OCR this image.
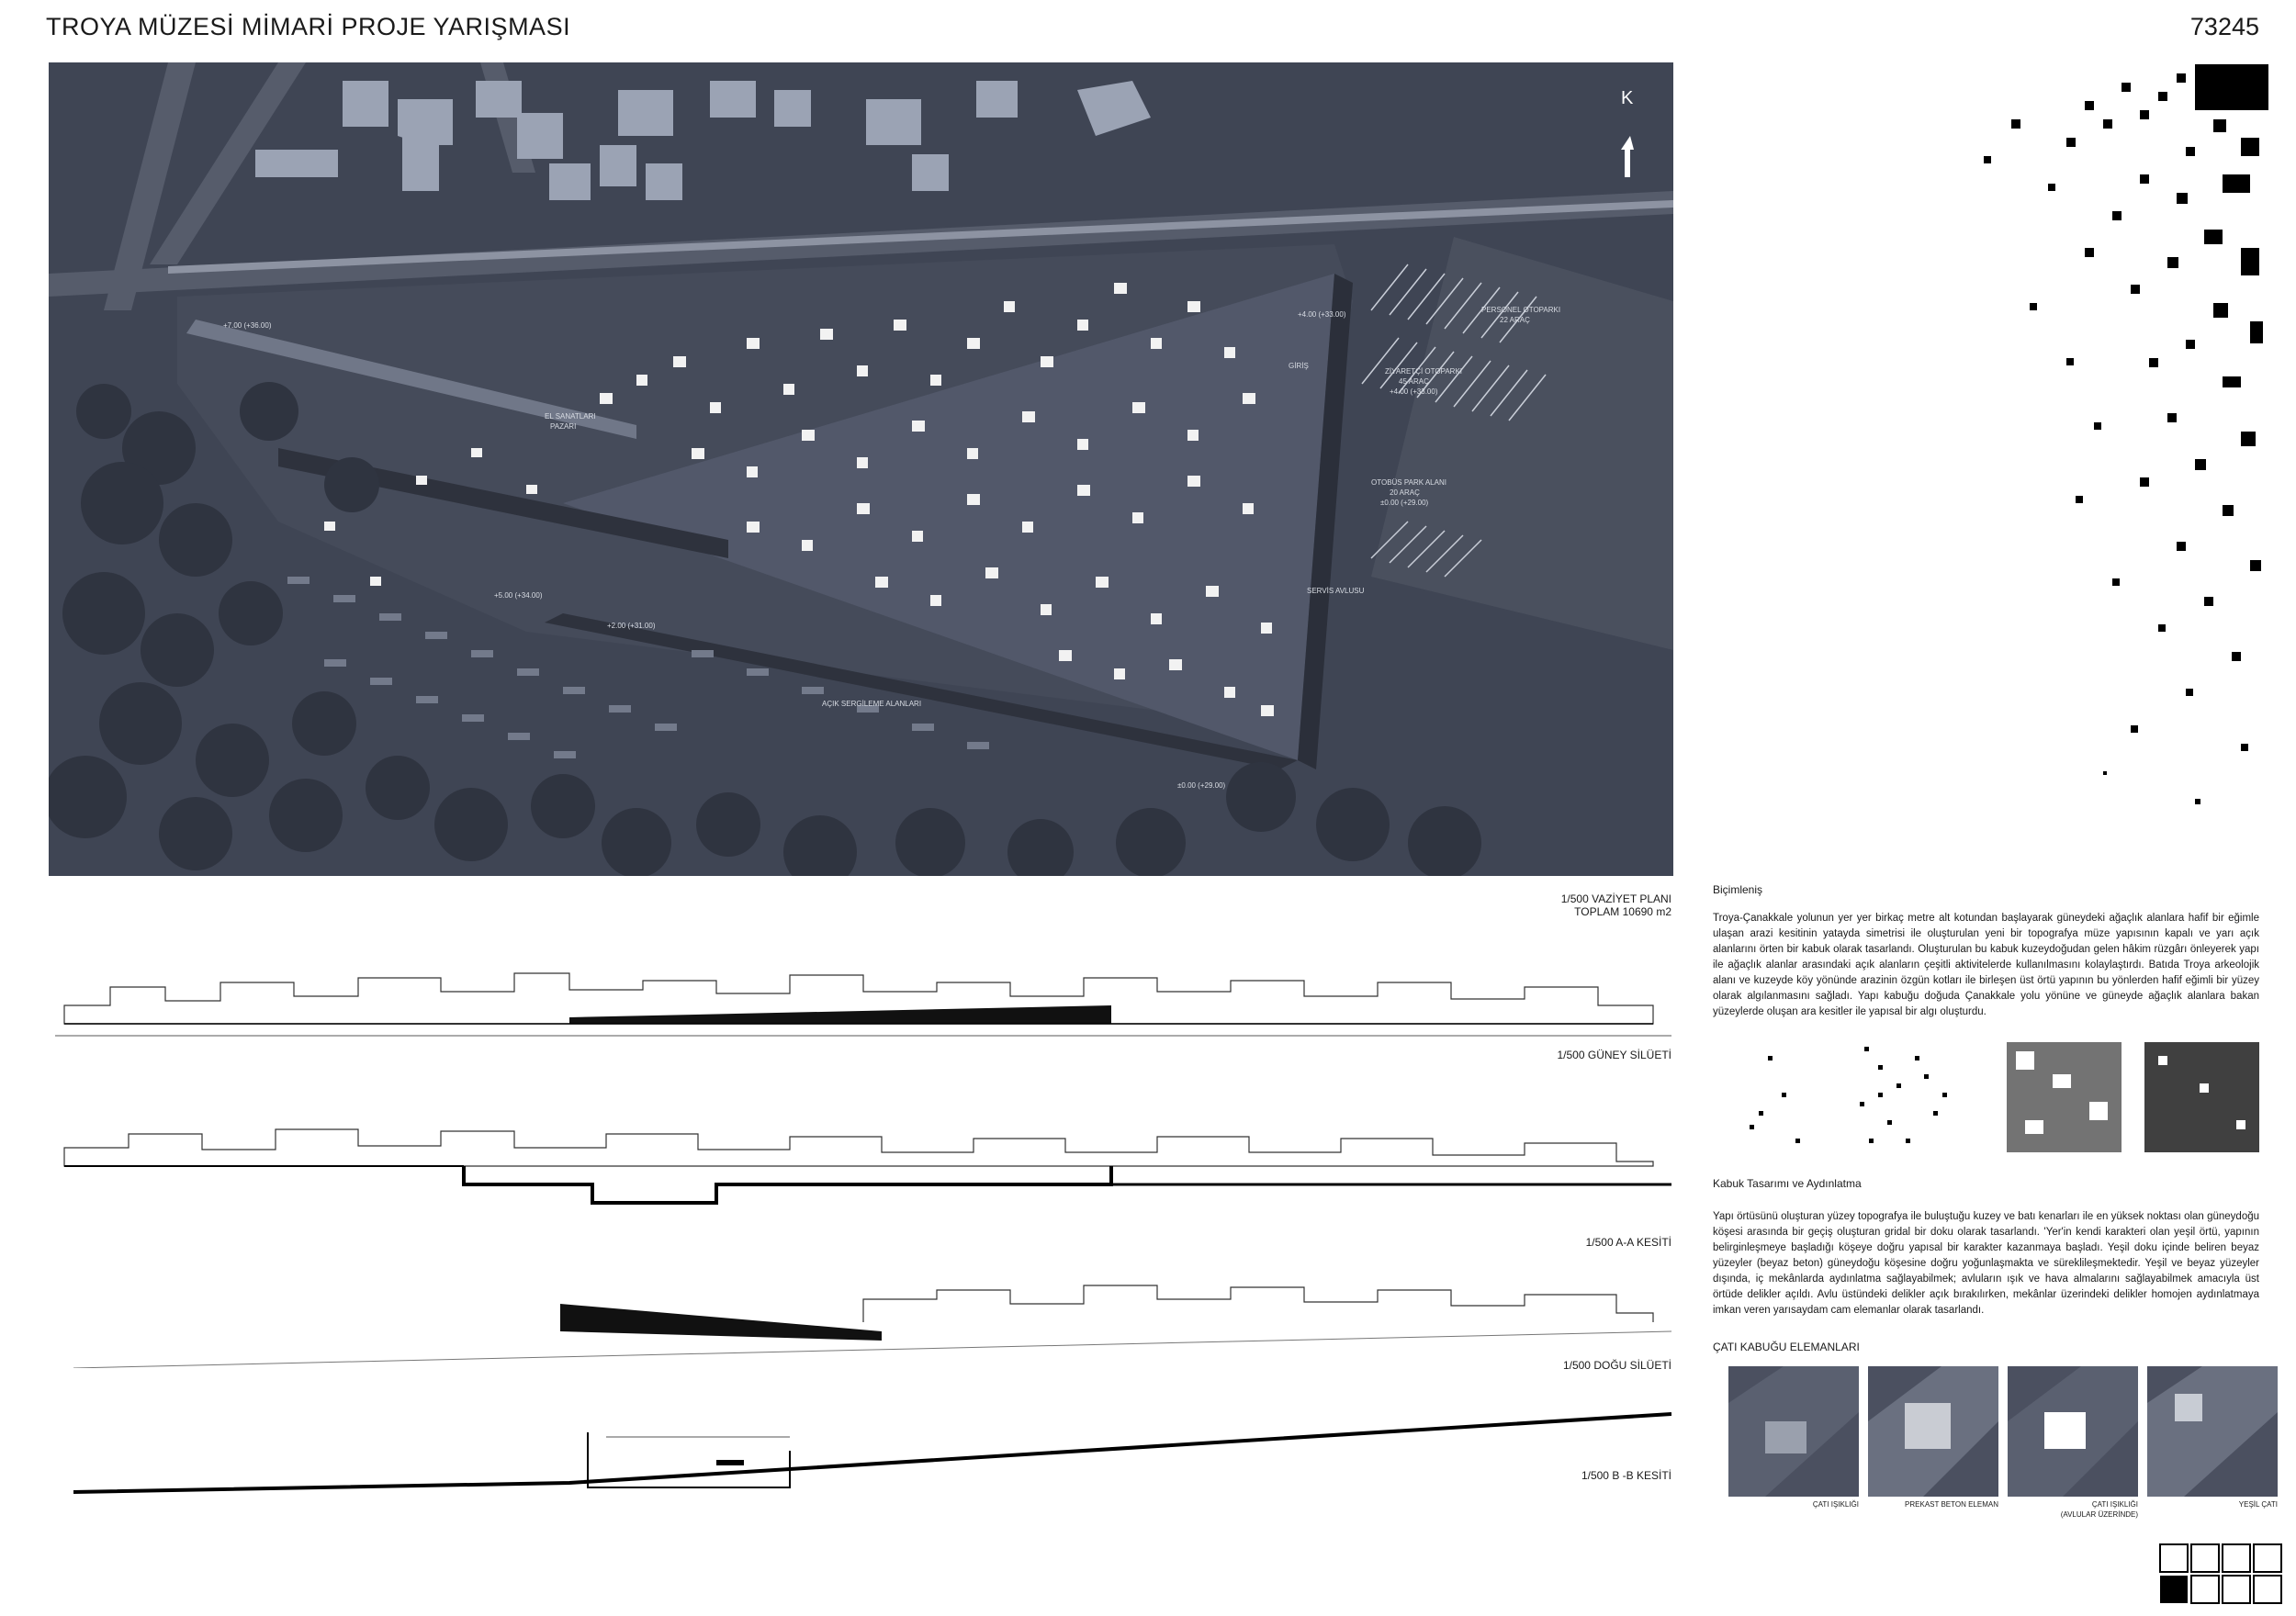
TROYA MÜZESİ MİMARİ PROJE YARIŞMASI	73245
K
+7.00 (+36.00)
+4.00 (+33.00)
GİRİŞ
EL SANATLARI
PAZARI
PERSONEL OTOPARKI
22 ARAÇ
ZİYARETÇİ OTOPARKI
45 ARAÇ
+4.00 (+33.00)
OTOBÜS PARK ALANI
20 ARAÇ
±0.00 (+29.00)
SERVİS AVLUSU
+5.00 (+34.00)
+2.00 (+31.00)
AÇIK SERGİLEME ALANLARI
±0.00 (+29.00)
1/500 VAZİYET PLANI
TOPLAM 10690 m2
1/500 GÜNEY SİLÜETİ
1/500 A-A KESİTİ
1/500 DOĞU SİLÜETİ
1/500 B -B KESİTİ
Biçimleniş
Troya-Çanakkale yolunun yer yer birkaç metre alt kotundan başlayarak güneydeki ağaçlık alanlara hafif bir eğimle ulaşan arazi kesitinin yatayda simetrisi ile oluşturulan yeni bir topografya müze yapısının kapalı ve yarı açık alanlarını örten bir kabuk olarak tasarlandı. Oluşturulan bu kabuk kuzeydoğudan gelen hâkim rüzgârı önleyerek yapı ile ağaçlık alanlar arasındaki açık alanların çeşitli aktivitelerde kullanılmasını kolaylaştırdı. Batıda Troya arkeolojik alanı ve kuzeyde köy yönünde arazinin özgün kotları ile birleşen üst örtü yapının bu yönlerden hafif eğimli bir yüzey olarak algılanmasını sağladı. Yapı kabuğu doğuda Çanakkale yolu yönüne ve güneyde ağaçlık alanlara bakan yüzeylerde oluşan ara kesitler ile yapısal bir algı oluşturdu.
Kabuk Tasarımı ve Aydınlatma
Yapı örtüsünü oluşturan yüzey topografya ile buluştuğu kuzey ve batı kenarları ile en yüksek noktası olan güneydoğu köşesi arasında bir geçiş oluşturan gridal bir doku olarak tasarlandı. 'Yer'in kendi karakteri olan yeşil örtü, yapının belirginleşmeye başladığı köşeye doğru yapısal bir karakter kazanmaya başladı. Yeşil doku içinde beliren beyaz yüzeyler (beyaz beton) güneydoğu köşesine doğru yoğunlaşmakta ve süreklileşmektedir. Yeşil ve beyaz yüzeyler dışında, iç mekânlarda aydınlatma sağlayabilmek; avluların ışık ve hava almalarını sağlayabilmek amacıyla üst örtüde delikler açıldı. Avlu üstündeki delikler açık bırakılırken, mekânlar üzerindeki delikler homojen aydınlatmaya imkan veren yarısaydam cam elemanlar olarak tasarlandı.
ÇATI KABUĞU ELEMANLARI
ÇATI IŞIKLIĞI	PREKAST BETON ELEMAN	ÇATI IŞIKLIĞI
(AVLULAR ÜZERİNDE)
YEŞİL ÇATI
